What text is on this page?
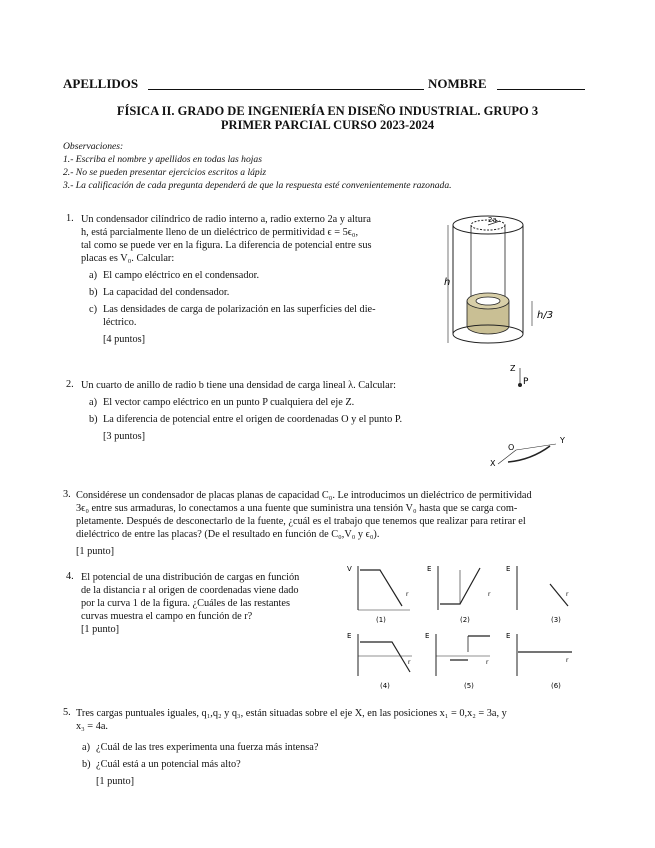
APELLIDOS	NOMBRE
FÍSICA II. GRADO DE INGENIERÍA EN DISEÑO INDUSTRIAL. GRUPO 3
PRIMER PARCIAL CURSO 2023-2024
Observaciones:
1.- Escriba el nombre y apellidos en todas las hojas
2.- No se pueden presentar ejercicios escritos a lápiz
3.- La calificación de cada pregunta dependerá de que la respuesta esté convenientemente razonada.
1. Un condensador cilíndrico de radio interno a, radio externo 2a y altura
h, está parcialmente lleno de un dieléctrico de permitividad ϵ = 5ϵ₀,
tal como se puede ver en la figura. La diferencia de potencial entre sus
placas es V₀. Calcular:
a) El campo eléctrico en el condensador.
b) La capacidad del condensador.
c) Las densidades de carga de polarización en las superficies del die-
léctrico.
[4 puntos]
2a
h
h/3
2. Un cuarto de anillo de radio b tiene una densidad de carga lineal λ. Calcular:
a) El vector campo eléctrico en un punto P cualquiera del eje Z.
b) La diferencia de potencial entre el origen de coordenadas O y el punto P.
[3 puntos]
Z
P
O
Y
X
3. Considérese un condensador de placas planas de capacidad C₀. Le introducimos un dieléctrico de permitividad
3ϵ₀ entre sus armaduras, lo conectamos a una fuente que suministra una tensión V₀ hasta que se carga com-
pletamente. Después de desconectarlo de la fuente, ¿cuál es el trabajo que tenemos que realizar para retirar el
dieléctrico de entre las placas? (De el resultado en función de C₀,V₀ y ϵ₀).
[1 punto]
4. El potencial de una distribución de cargas en función
de la distancia r al origen de coordenadas viene dado
por la curva 1 de la figura. ¿Cuáles de las restantes
curvas muestra el campo en función de r?
[1 punto]
V
r
(1)
E
r
(2)
E
r
(3)
E
r
(4)
E
r
(5)
E
r
(6)
5. Tres cargas puntuales iguales, q₁,q₂ y q₃, están situadas sobre el eje X, en las posiciones x₁ = 0,x₂ = 3a, y
x₃ = 4a.
a) ¿Cuál de las tres experimenta una fuerza más intensa?
b) ¿Cuál está a un potencial más alto?
[1 punto]
